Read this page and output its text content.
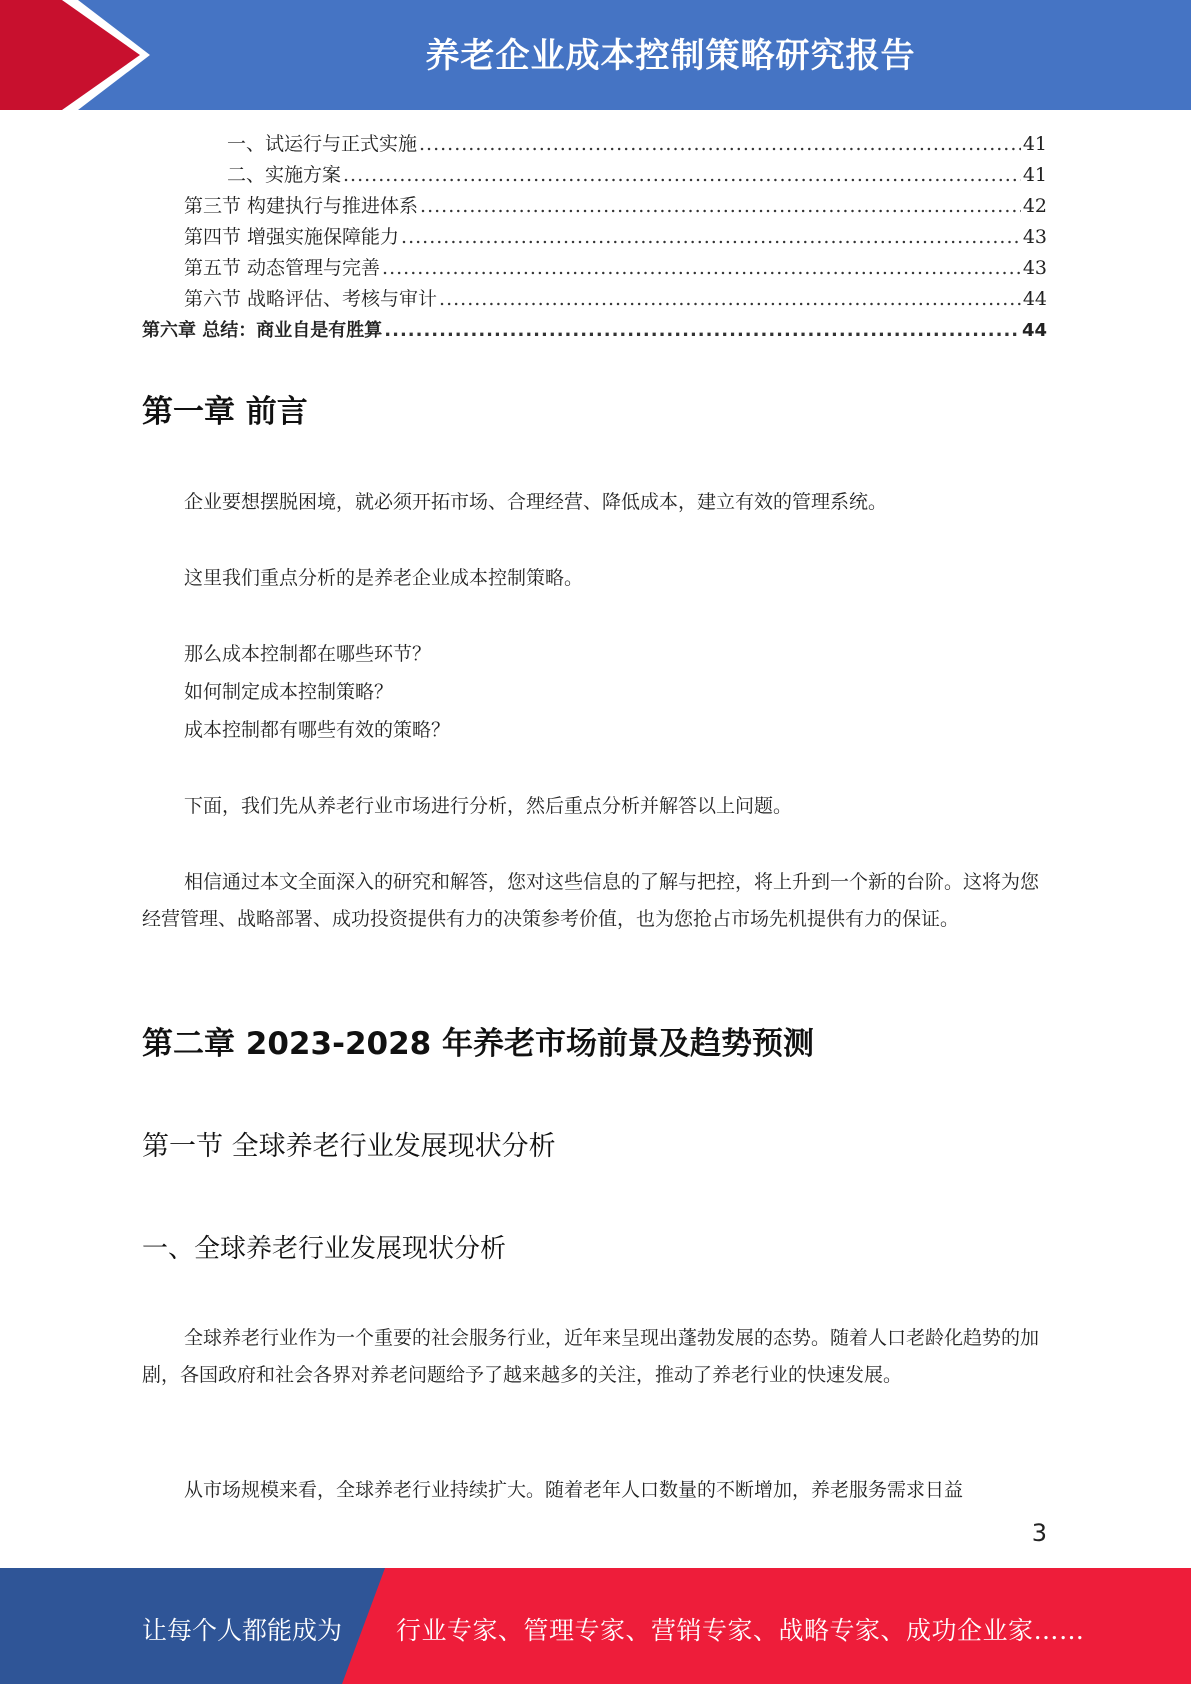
养老企业成本控制策略研究报告
一、试运行与正式实施 .....	41
二、实施方案 .....	41
第三节 构建执行与推进体系 .....	42
第四节 增强实施保障能力 .....	43
第五节 动态管理与完善 .....	43
第六节 战略评估、考核与审计 .....	44
第六章 总结：商业自是有胜算 .....	44
第一章 前言

企业要想摆脱困境，就必须开拓市场、合理经营、降低成本，建立有效的管理系统。

这里我们重点分析的是养老企业成本控制策略。

那么成本控制都在哪些环节？

如何制定成本控制策略？

成本控制都有哪些有效的策略？

下面，我们先从养老行业市场进行分析，然后重点分析并解答以上问题。

相信通过本文全面深入的研究和解答，您对这些信息的了解与把控，将上升到一个新的台阶。这将为您经营管理、战略部署、成功投资提供有力的决策参考价值，也为您抢占市场先机提供有力的保证。

第二章 2023-2028 年养老市场前景及趋势预测
第一节 全球养老行业发展现状分析
一、全球养老行业发展现状分析

全球养老行业作为一个重要的社会服务行业，近年来呈现出蓬勃发展的态势。随着人口老龄化趋势的加剧，各国政府和社会各界对养老问题给予了越来越多的关注，推动了养老行业的快速发展。

从市场规模来看，全球养老行业持续扩大。随着老年人口数量的不断增加，养老服务需求日益

3
让每个人都能成为 行业专家、管理专家、营销专家、战略专家、成功企业家……
